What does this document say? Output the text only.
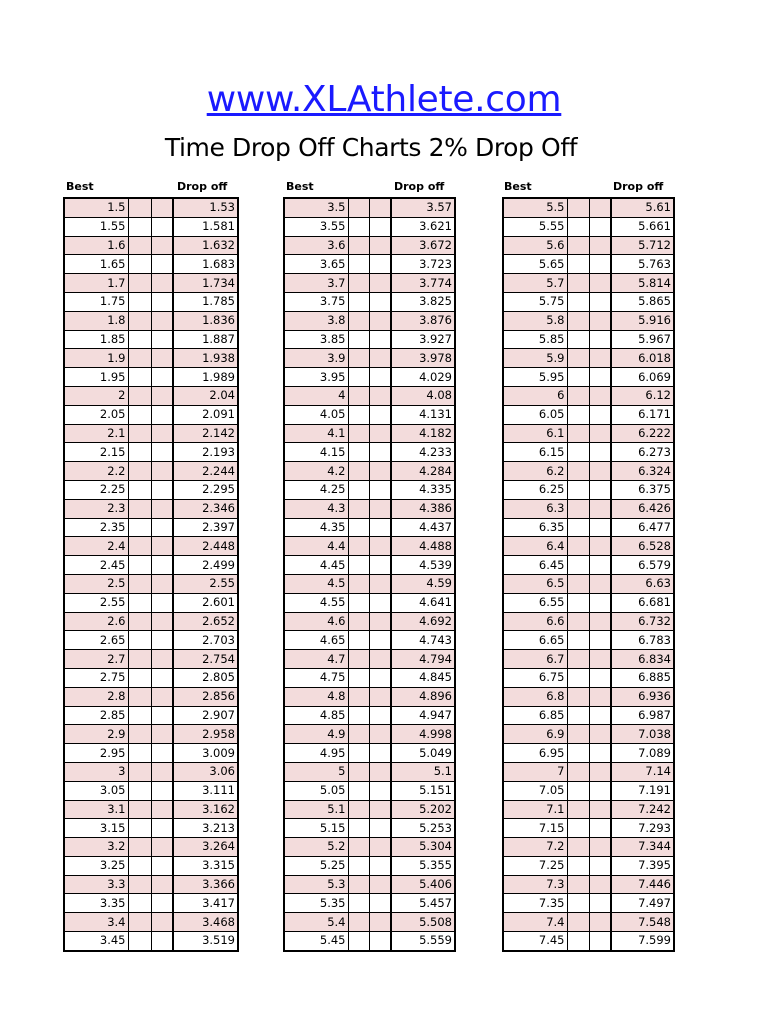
www.XLAthlete.com
Time Drop Off Charts 2% Drop Off
Best	Drop off
1.5			1.53
1.55			1.581
1.6			1.632
1.65			1.683
1.7			1.734
1.75			1.785
1.8			1.836
1.85			1.887
1.9			1.938
1.95			1.989
2			2.04
2.05			2.091
2.1			2.142
2.15			2.193
2.2			2.244
2.25			2.295
2.3			2.346
2.35			2.397
2.4			2.448
2.45			2.499
2.5			2.55
2.55			2.601
2.6			2.652
2.65			2.703
2.7			2.754
2.75			2.805
2.8			2.856
2.85			2.907
2.9			2.958
2.95			3.009
3			3.06
3.05			3.111
3.1			3.162
3.15			3.213
3.2			3.264
3.25			3.315
3.3			3.366
3.35			3.417
3.4			3.468
3.45			3.519
Best	Drop off
3.5			3.57
3.55			3.621
3.6			3.672
3.65			3.723
3.7			3.774
3.75			3.825
3.8			3.876
3.85			3.927
3.9			3.978
3.95			4.029
4			4.08
4.05			4.131
4.1			4.182
4.15			4.233
4.2			4.284
4.25			4.335
4.3			4.386
4.35			4.437
4.4			4.488
4.45			4.539
4.5			4.59
4.55			4.641
4.6			4.692
4.65			4.743
4.7			4.794
4.75			4.845
4.8			4.896
4.85			4.947
4.9			4.998
4.95			5.049
5			5.1
5.05			5.151
5.1			5.202
5.15			5.253
5.2			5.304
5.25			5.355
5.3			5.406
5.35			5.457
5.4			5.508
5.45			5.559
Best	Drop off
5.5			5.61
5.55			5.661
5.6			5.712
5.65			5.763
5.7			5.814
5.75			5.865
5.8			5.916
5.85			5.967
5.9			6.018
5.95			6.069
6			6.12
6.05			6.171
6.1			6.222
6.15			6.273
6.2			6.324
6.25			6.375
6.3			6.426
6.35			6.477
6.4			6.528
6.45			6.579
6.5			6.63
6.55			6.681
6.6			6.732
6.65			6.783
6.7			6.834
6.75			6.885
6.8			6.936
6.85			6.987
6.9			7.038
6.95			7.089
7			7.14
7.05			7.191
7.1			7.242
7.15			7.293
7.2			7.344
7.25			7.395
7.3			7.446
7.35			7.497
7.4			7.548
7.45			7.599
